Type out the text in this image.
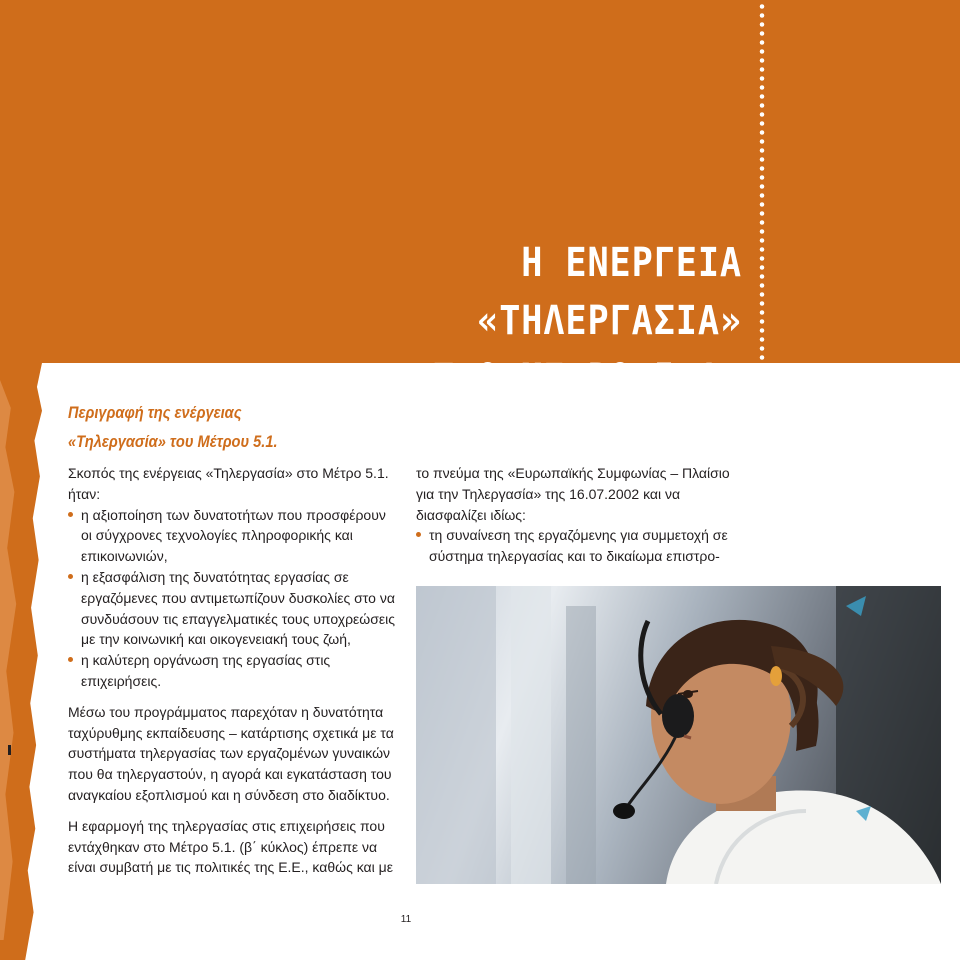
Η ΕΝΕΡΓΕΙΑ «ΤΗΛΕΡΓΑΣΙΑ»
ΣΤΟ ΜΕΤΡΟ 5.1.
Περιγραφή της ενέργειας
«Τηλεργασία» του Μέτρου 5.1.

Σκοπός της ενέργειας «Τηλεργασία» στο Μέτρο 5.1. ήταν:

η αξιοποίηση των δυνατοτήτων που προσφέρουν οι σύγχρονες τεχνολογίες πληροφορικής και επικοινωνιών,
η εξασφάλιση της δυνατότητας εργασίας σε εργαζόμενες που αντιμετωπίζουν δυσκολίες στο να συνδυάσουν τις επαγγελματικές τους υποχρεώσεις με την κοινωνική και οικογενειακή τους ζωή,
η καλύτερη οργάνωση της εργασίας στις επιχειρήσεις.

Μέσω του προγράμματος παρεχόταν η δυνατότητα ταχύρυθμης εκπαίδευσης – κατάρτισης σχετικά με τα συστήματα τηλεργασίας των εργαζομένων γυναικών που θα τηλεργαστούν, η αγορά και εγκατάσταση του αναγκαίου εξοπλισμού και η σύνδεση στο διαδίκτυο.

Η εφαρμογή της τηλεργασίας στις επιχειρήσεις που εντάχθηκαν στο Μέτρο 5.1. (β΄ κύκλος) έπρεπε να είναι συμβατή με τις πολιτικές της Ε.Ε., καθώς και με

το πνεύμα της «Ευρωπαϊκής Συμφωνίας – Πλαίσιο για την Τηλεργασία» της 16.07.2002 και να διασφαλίζει ιδίως:

τη συναίνεση της εργαζόμενης για συμμετοχή σε σύστημα τηλεργασίας και το δικαίωμα επιστρο-
11
